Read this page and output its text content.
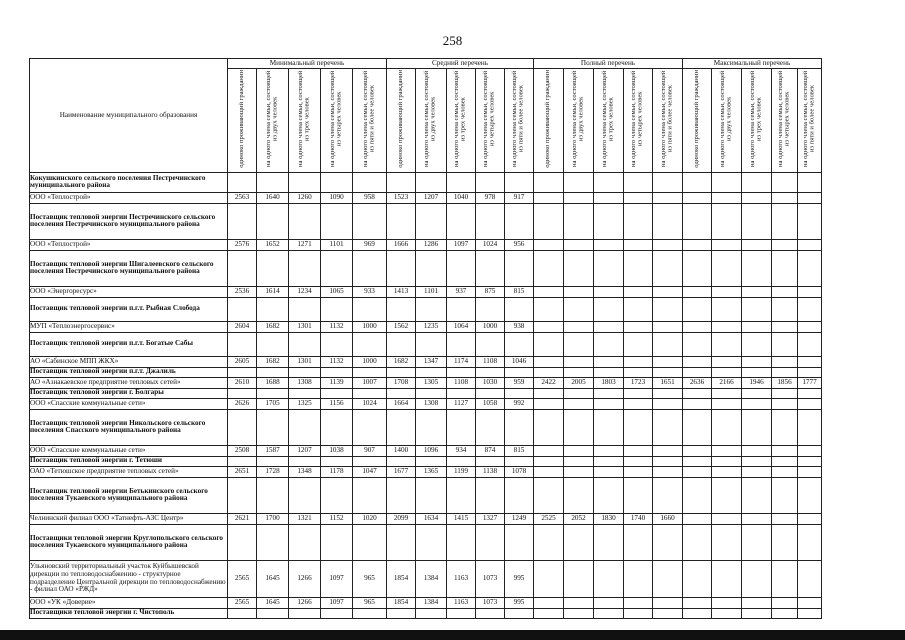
258
Наименование муниципального образования	Минимальный перечень					Средний перечень					Полный перечень					Максимальный перечень				
	одиноко проживающий гражданин	на одного члена семьи, состоящей из двух человек	на одного члена семьи, состоящей из трех человек	на одного члена семьи, состоящей из четырех человек	на одного члена семьи, состоящей из пяти и более человек	одиноко проживающий гражданин	на одного члена семьи, состоящей из двух человек	на одного члена семьи, состоящей из трех человек	на одного члена семьи, состоящей из четырех человек	на одного члена семьи, состоящей из пяти и более человек	одиноко проживающий гражданин	на одного члена семьи, состоящей из двух человек	на одного члена семьи, состоящей из трех человек	на одного члена семьи, состоящей из четырех человек	на одного члена семьи, состоящей из пяти и более человек	одиноко проживающий гражданин	на одного члена семьи, состоящей из двух человек	на одного члена семьи, состоящей из трех человек	на одного члена семьи, состоящей из четырех человек	на одного члена семьи, состоящей из пяти и более человек
Кокушкинского сельского поселения Пестречинского муниципального района																				
ООО «Теплострой»	2563	1640	1260	1090	958	1523	1207	1040	978	917										
Поставщик тепловой энергии Пестречинского сельского поселения Пестречинского муниципального района																				
ООО «Теплострой»	2576	1652	1271	1101	969	1666	1286	1097	1024	956										
Поставщик тепловой энергии Шигалеевского сельского поселения Пестречинского муниципального района																				
ООО «Энергоресурс»	2536	1614	1234	1065	933	1413	1101	937	875	815										
Поставщик тепловой энергии п.г.т. Рыбная Слобода																				
МУП «Теплоэнергосервис»	2604	1682	1301	1132	1000	1562	1235	1064	1000	938										
Поставщик тепловой энергии п.г.т. Богатые Сабы																				
АО «Сабинское МПП ЖКХ»	2605	1682	1301	1132	1000	1682	1347	1174	1108	1046										
Поставщик тепловой энергии п.г.т. Джалиль																				
АО «Азнакаевское предприятие тепловых сетей»	2610	1688	1308	1139	1007	1708	1305	1108	1030	959	2422	2005	1803	1723	1651	2636	2166	1946	1856	1777
Поставщик тепловой энергии г. Болгары																				
ООО «Спасские коммунальные сети»	2626	1705	1325	1156	1024	1664	1308	1127	1058	992										
Поставщик тепловой энергии Никольского сельского поселения Спасского муниципального района																				
ООО «Спасские коммунальные сети»	2508	1587	1207	1038	907	1400	1096	934	874	815										
Поставщик тепловой энергии г. Тетюши																				
ОАО «Тетюшское предприятие тепловых сетей»	2651	1728	1348	1178	1047	1677	1365	1199	1138	1078										
Поставщик тепловой энергии Бетькинского сельского поселения Тукаевского муниципального района																				
Челнинский филиал ООО «Татнефть-АЗС Центр»	2621	1700	1321	1152	1020	2099	1634	1415	1327	1249	2525	2052	1830	1740	1660					
Поставщики тепловой энергии Круглопольского сельского поселения Тукаевского муниципального района																				
Ульяновский территориальный участок Куйбышевской дирекции по тепловодоснабжению - структурное подразделение Центральной дирекции по тепловодоснабжению - филиал ОАО «РЖД»	2565	1645	1266	1097	965	1854	1384	1163	1073	995										
ООО «УК «Доверие»	2565	1645	1266	1097	965	1854	1384	1163	1073	995										
Поставщики тепловой энергии г. Чистополь																				
